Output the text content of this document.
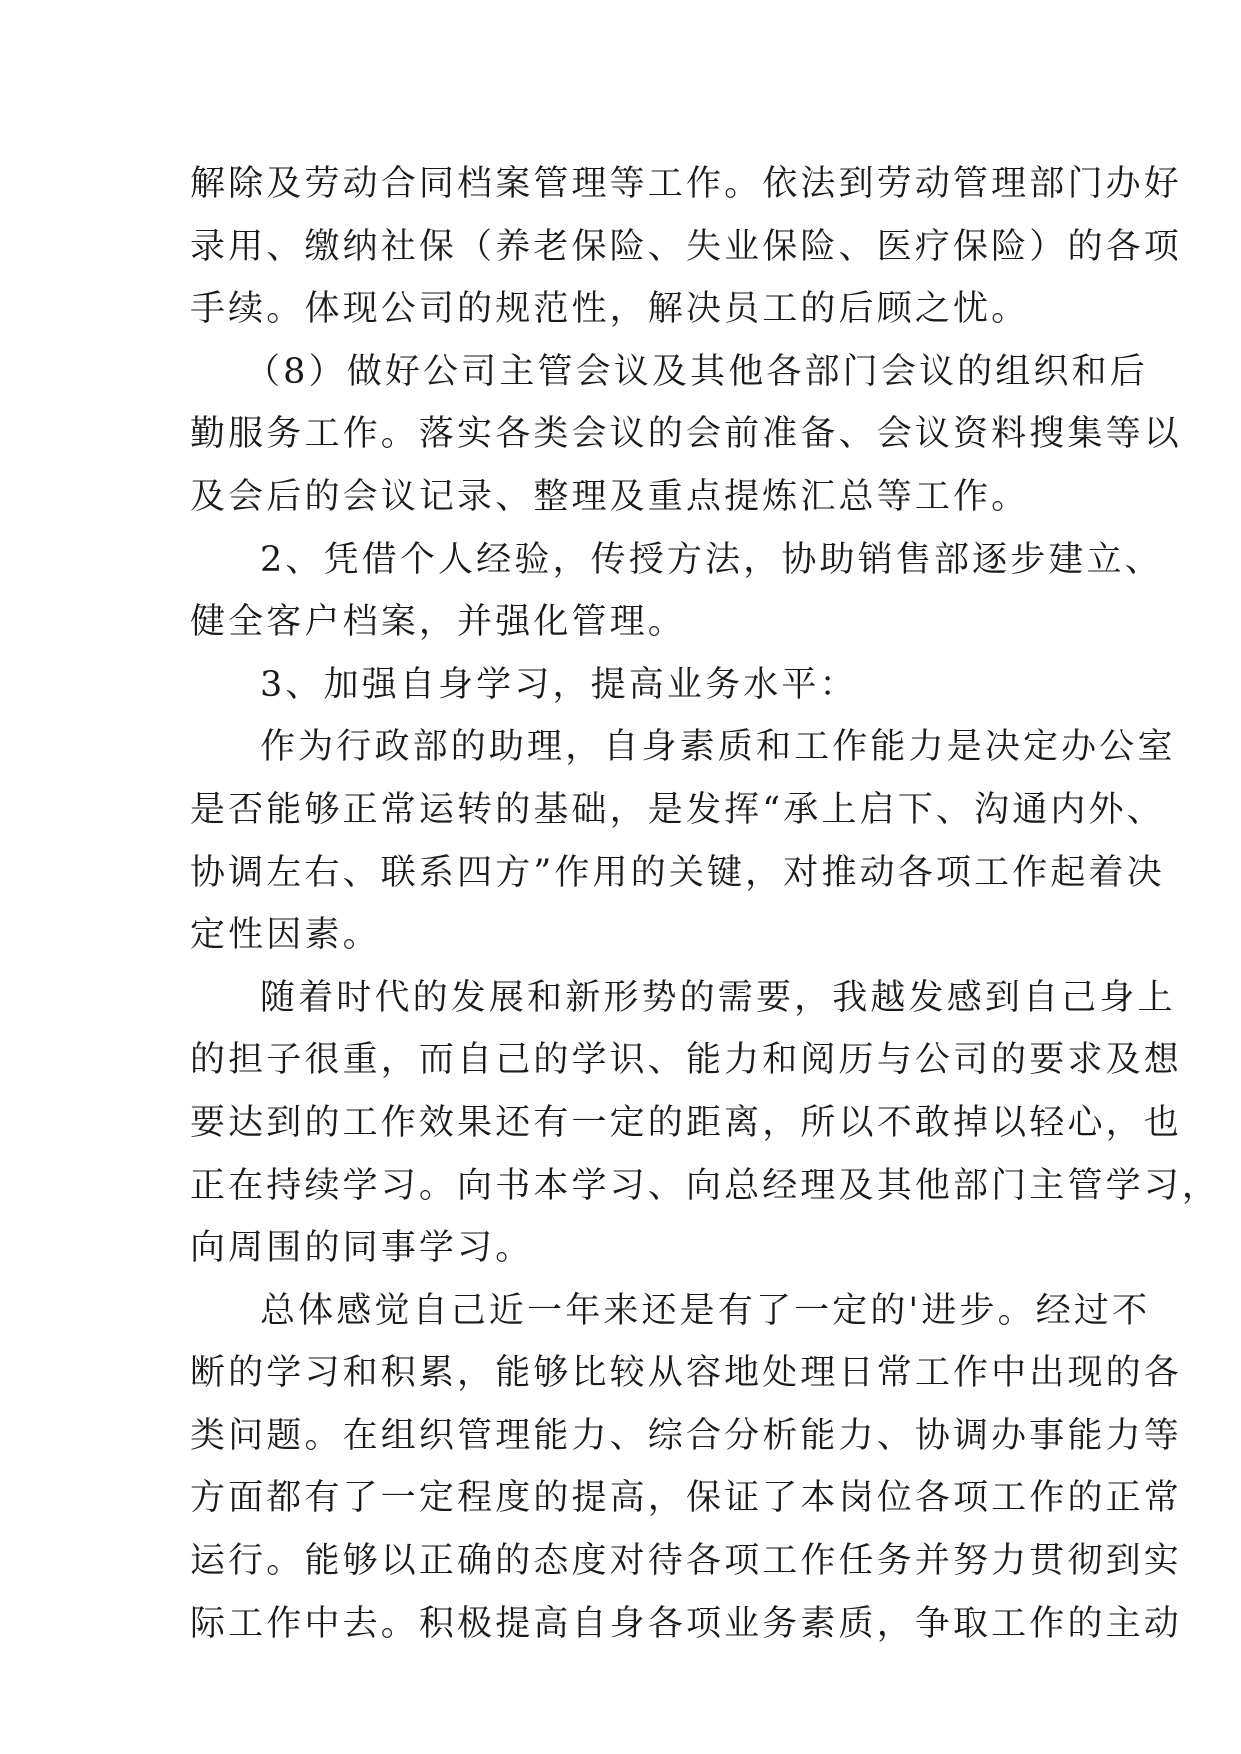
解除及劳动合同档案管理等工作。依法到劳动管理部门办好
录用、缴纳社保（养老保险、失业保险、医疗保险）的各项
手续。体现公司的规范性，解决员工的后顾之忧。
（8）做好公司主管会议及其他各部门会议的组织和后
勤服务工作。落实各类会议的会前准备、会议资料搜集等以
及会后的会议记录、整理及重点提炼汇总等工作。
2、凭借个人经验，传授方法，协助销售部逐步建立、
健全客户档案，并强化管理。
3、加强自身学习，提高业务水平：
作为行政部的助理，自身素质和工作能力是决定办公室
是否能够正常运转的基础，是发挥“承上启下、沟通内外、
协调左右、联系四方”作用的关键，对推动各项工作起着决
定性因素。
随着时代的发展和新形势的需要，我越发感到自己身上
的担子很重，而自己的学识、能力和阅历与公司的要求及想
要达到的工作效果还有一定的距离，所以不敢掉以轻心，也
正在持续学习。向书本学习、向总经理及其他部门主管学习，
向周围的同事学习。
总体感觉自己近一年来还是有了一定的'进步。经过不
断的学习和积累，能够比较从容地处理日常工作中出现的各
类问题。在组织管理能力、综合分析能力、协调办事能力等
方面都有了一定程度的提高，保证了本岗位各项工作的正常
运行。能够以正确的态度对待各项工作任务并努力贯彻到实
际工作中去。积极提高自身各项业务素质，争取工作的主动
